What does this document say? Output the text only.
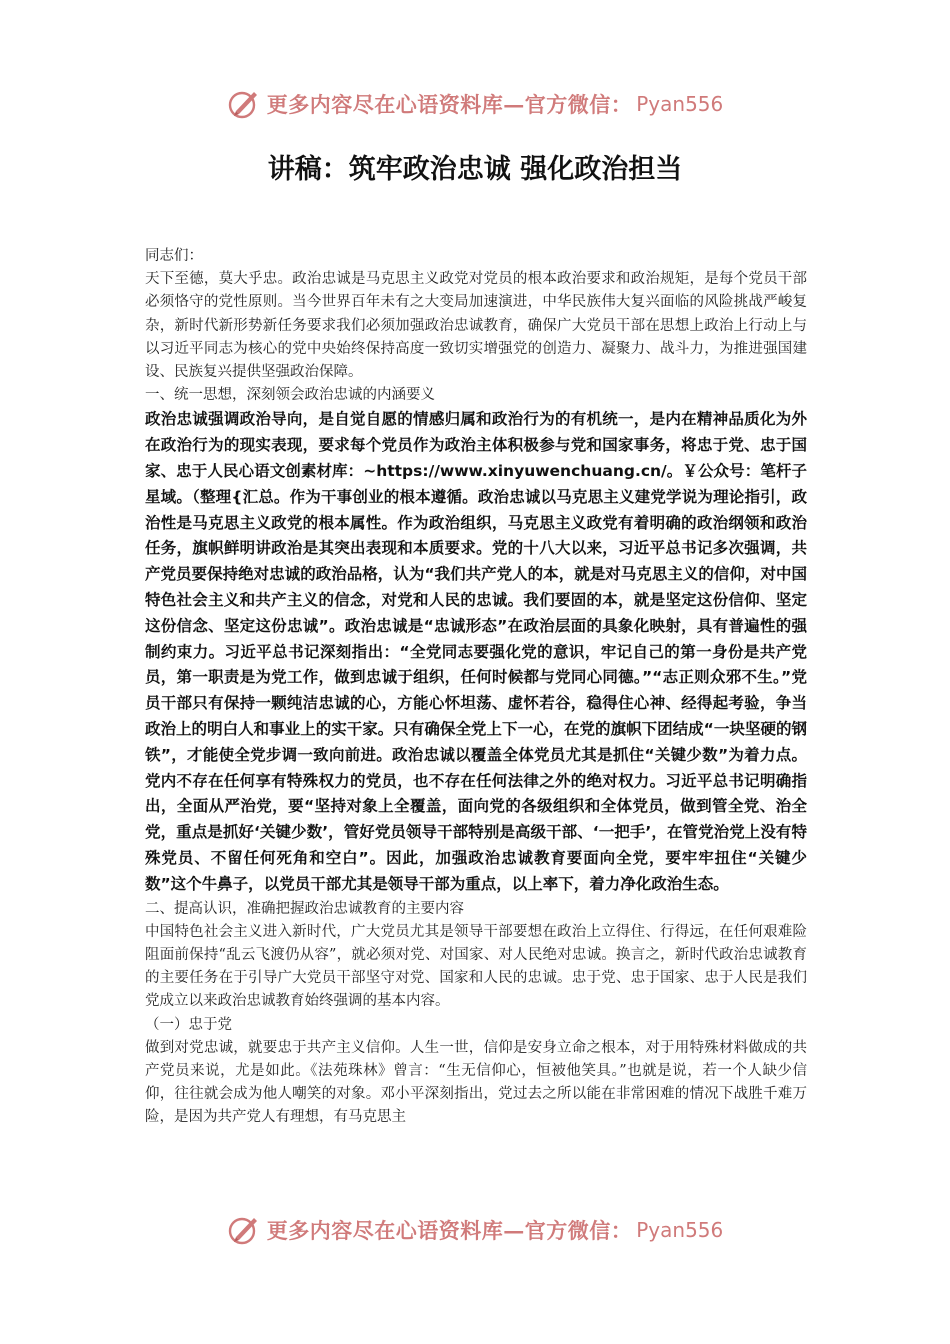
更多内容尽在心语资料库—官方微信： Pyan556
讲稿：筑牢政治忠诚 强化政治担当

同志们：

天下至德，莫大乎忠。政治忠诚是马克思主义政党对党员的根本政治要求和政治规矩，是每个党员干部必须恪守的党性原则。当今世界百年未有之大变局加速演进，中华民族伟大复兴面临的风险挑战严峻复杂，新时代新形势新任务要求我们必须加强政治忠诚教育，确保广大党员干部在思想上政治上行动上与以习近平同志为核心的党中央始终保持高度一致切实增强党的创造力、凝聚力、战斗力，为推进强国建设、民族复兴提供坚强政治保障。

一、统一思想，深刻领会政治忠诚的内涵要义

政治忠诚强调政治导向，是自觉自愿的情感归属和政治行为的有机统一，是内在精神品质化为外在政治行为的现实表现，要求每个党员作为政治主体积极参与党和国家事务，将忠于党、忠于国家、忠于人民心语文创素材库：~https://www.xinyuwenchuang.cn/。￥公众号：笔杆子星域。（整理{汇总。作为干事创业的根本遵循。政治忠诚以马克思主义建党学说为理论指引，政治性是马克思主义政党的根本属性。作为政治组织，马克思主义政党有着明确的政治纲领和政治任务，旗帜鲜明讲政治是其突出表现和本质要求。党的十八大以来，习近平总书记多次强调，共产党员要保持绝对忠诚的政治品格，认为“我们共产党人的本，就是对马克思主义的信仰，对中国特色社会主义和共产主义的信念，对党和人民的忠诚。我们要固的本，就是坚定这份信仰、坚定这份信念、坚定这份忠诚”。政治忠诚是“忠诚形态”在政治层面的具象化映射，具有普遍性的强制约束力。习近平总书记深刻指出：“全党同志要强化党的意识，牢记自己的第一身份是共产党员，第一职责是为党工作，做到忠诚于组织，任何时候都与党同心同德。”“志正则众邪不生。”党员干部只有保持一颗纯洁忠诚的心，方能心怀坦荡、虚怀若谷，稳得住心神、经得起考验，争当政治上的明白人和事业上的实干家。只有确保全党上下一心，在党的旗帜下团结成“一块坚硬的钢铁”，才能使全党步调一致向前进。政治忠诚以覆盖全体党员尤其是抓住“关键少数”为着力点。党内不存在任何享有特殊权力的党员，也不存在任何法律之外的绝对权力。习近平总书记明确指出，全面从严治党，要“坚持对象上全覆盖，面向党的各级组织和全体党员，做到管全党、治全党，重点是抓好‘关键少数’，管好党员领导干部特别是高级干部、‘一把手’，在管党治党上没有特殊党员、不留任何死角和空白”。因此，加强政治忠诚教育要面向全党，要牢牢扭住“关键少数”这个牛鼻子，以党员干部尤其是领导干部为重点，以上率下，着力净化政治生态。

二、提高认识，准确把握政治忠诚教育的主要内容

中国特色社会主义进入新时代，广大党员尤其是领导干部要想在政治上立得住、行得远，在任何艰难险阻面前保持“乱云飞渡仍从容”，就必须对党、对国家、对人民绝对忠诚。换言之，新时代政治忠诚教育的主要任务在于引导广大党员干部坚守对党、国家和人民的忠诚。忠于党、忠于国家、忠于人民是我们党成立以来政治忠诚教育始终强调的基本内容。

（一）忠于党

做到对党忠诚，就要忠于共产主义信仰。人生一世，信仰是安身立命之根本，对于用特殊材料做成的共产党员来说，尤是如此。《法苑珠林》曾言：“生无信仰心，恒被他笑具。”也就是说，若一个人缺少信仰，往往就会成为他人嘲笑的对象。邓小平深刻指出，党过去之所以能在非常困难的情况下战胜千难万险，是因为共产党人有理想，有马克思主

更多内容尽在心语资料库—官方微信： Pyan556
